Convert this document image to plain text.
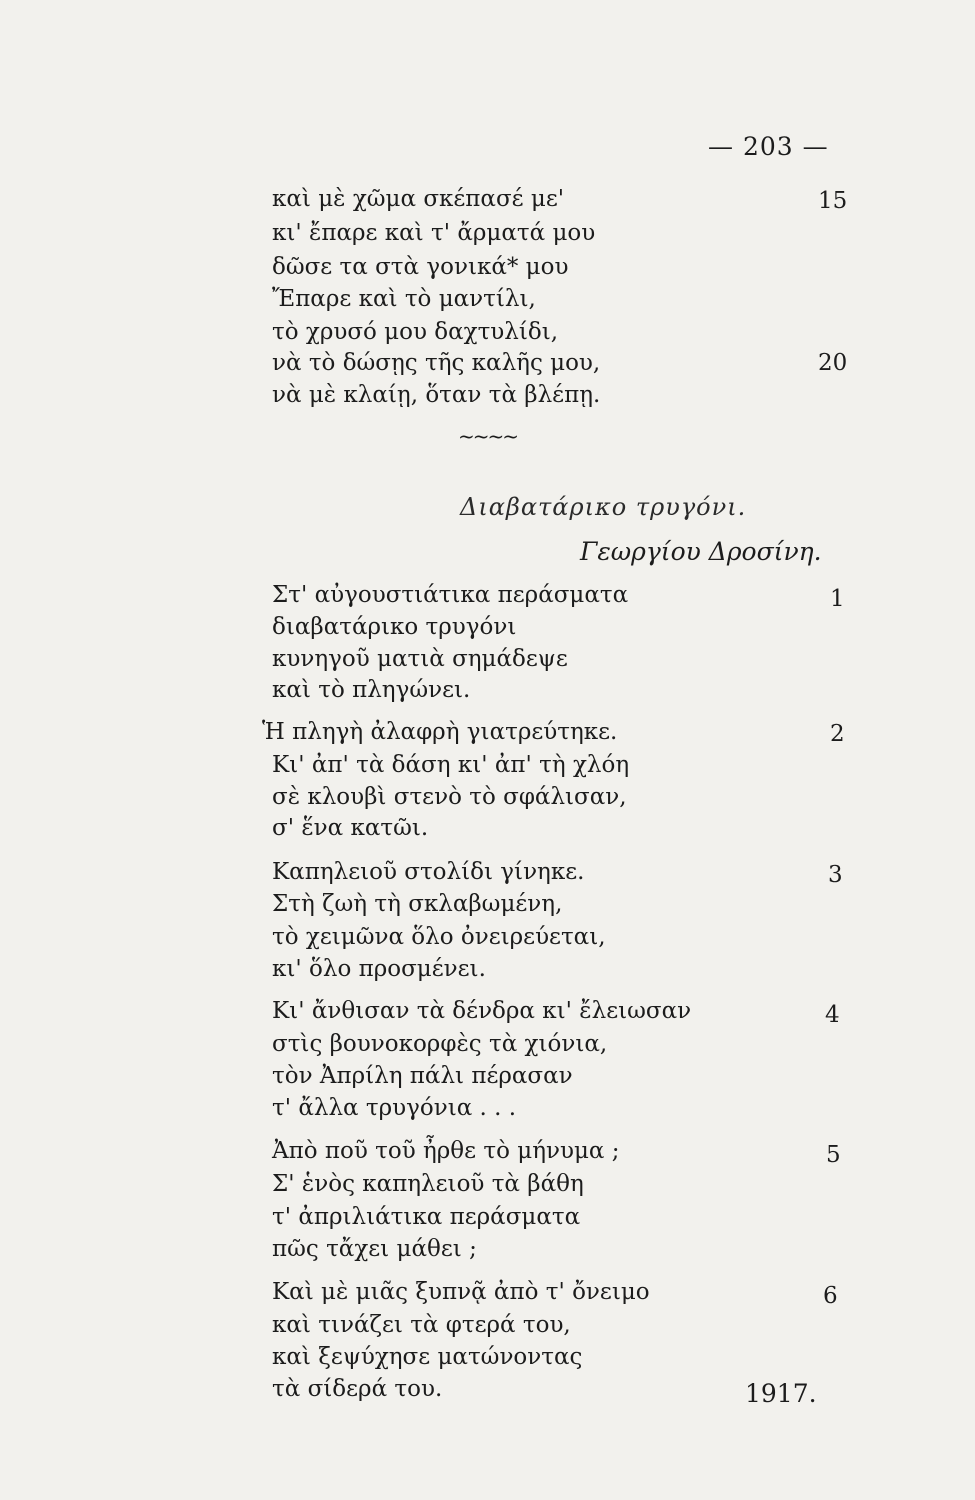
— 203 —
καὶ μὲ χῶμα σκέπασέ με'	15
κι' ἔπαρε καὶ τ' ἄρματά μου
δῶσε τα στὰ γονικά* μου
Ἔπαρε καὶ τὸ μαντίλι,
τὸ χρυσό μου δαχτυλίδι,
νὰ τὸ δώσῃς τῆς καλῆς μου,	20
νὰ μὲ κλαίῃ, ὅταν τὰ βλέπῃ.
~~~~
Διαβατάρικο τρυγόνι.
Γεωργίου Δροσίνη.
Στ' αὐγουστιάτικα περάσματα	1
διαβατάρικο τρυγόνι
κυνηγοῦ ματιὰ σημάδεψε
καὶ τὸ πληγώνει.
Ἡ πληγὴ ἀλαφρὴ γιατρεύτηκε.	2
Κι' ἀπ' τὰ δάση κι' ἀπ' τὴ χλόη
σὲ κλουβὶ στενὸ τὸ σφάλισαν,
σ' ἕνα κατῶι.
Καπηλειοῦ στολίδι γίνηκε.	3
Στὴ ζωὴ τὴ σκλαβωμένη,
τὸ χειμῶνα ὅλο ὀνειρεύεται,
κι' ὅλο προσμένει.
Κι' ἄνθισαν τὰ δένδρα κι' ἔλειωσαν	4
στὶς βουνοκορφὲς τὰ χιόνια,
τὸν Ἀπρίλη πάλι πέρασαν
τ' ἄλλα τρυγόνια . . .
Ἀπὸ ποῦ τοῦ ἦρθε τὸ μήνυμα ;	5
Σ' ἑνὸς καπηλειοῦ τὰ βάθη
τ' ἀπριλιάτικα περάσματα
πῶς τἄχει μάθει ;
Καὶ μὲ μιᾶς ξυπνᾷ ἀπὸ τ' ὄνειμο	6
καὶ τινάζει τὰ φτερά του,
καὶ ξεψύχησε ματώνοντας
τὰ σίδερά του.	1917.
